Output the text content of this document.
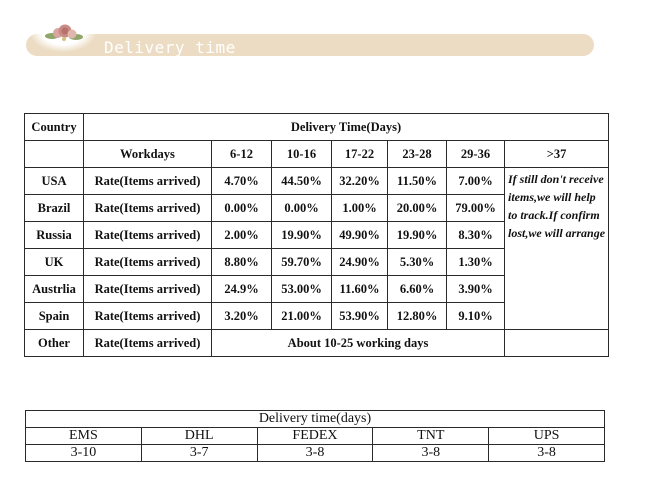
Delivery time
Country	Delivery Time(Days)						
	Workdays	6-12	10-16	17-22	23-28	29-36	>37
USA	Rate(Items arrived)	4.70%	44.50%	32.20%	11.50%	7.00%	If still don't receive items,we will help to track.If confirm lost,we will arrange
Brazil	Rate(Items arrived)	0.00%	0.00%	1.00%	20.00%	79.00%	
Russia	Rate(Items arrived)	2.00%	19.90%	49.90%	19.90%	8.30%	
UK	Rate(Items arrived)	8.80%	59.70%	24.90%	5.30%	1.30%	
Austrlia	Rate(Items arrived)	24.9%	53.00%	11.60%	6.60%	3.90%	
Spain	Rate(Items arrived)	3.20%	21.00%	53.90%	12.80%	9.10%	
Other	Rate(Items arrived)	About 10-25 working days					
Delivery time(days)				
EMS	DHL	FEDEX	TNT	UPS
3-10	3-7	3-8	3-8	3-8
